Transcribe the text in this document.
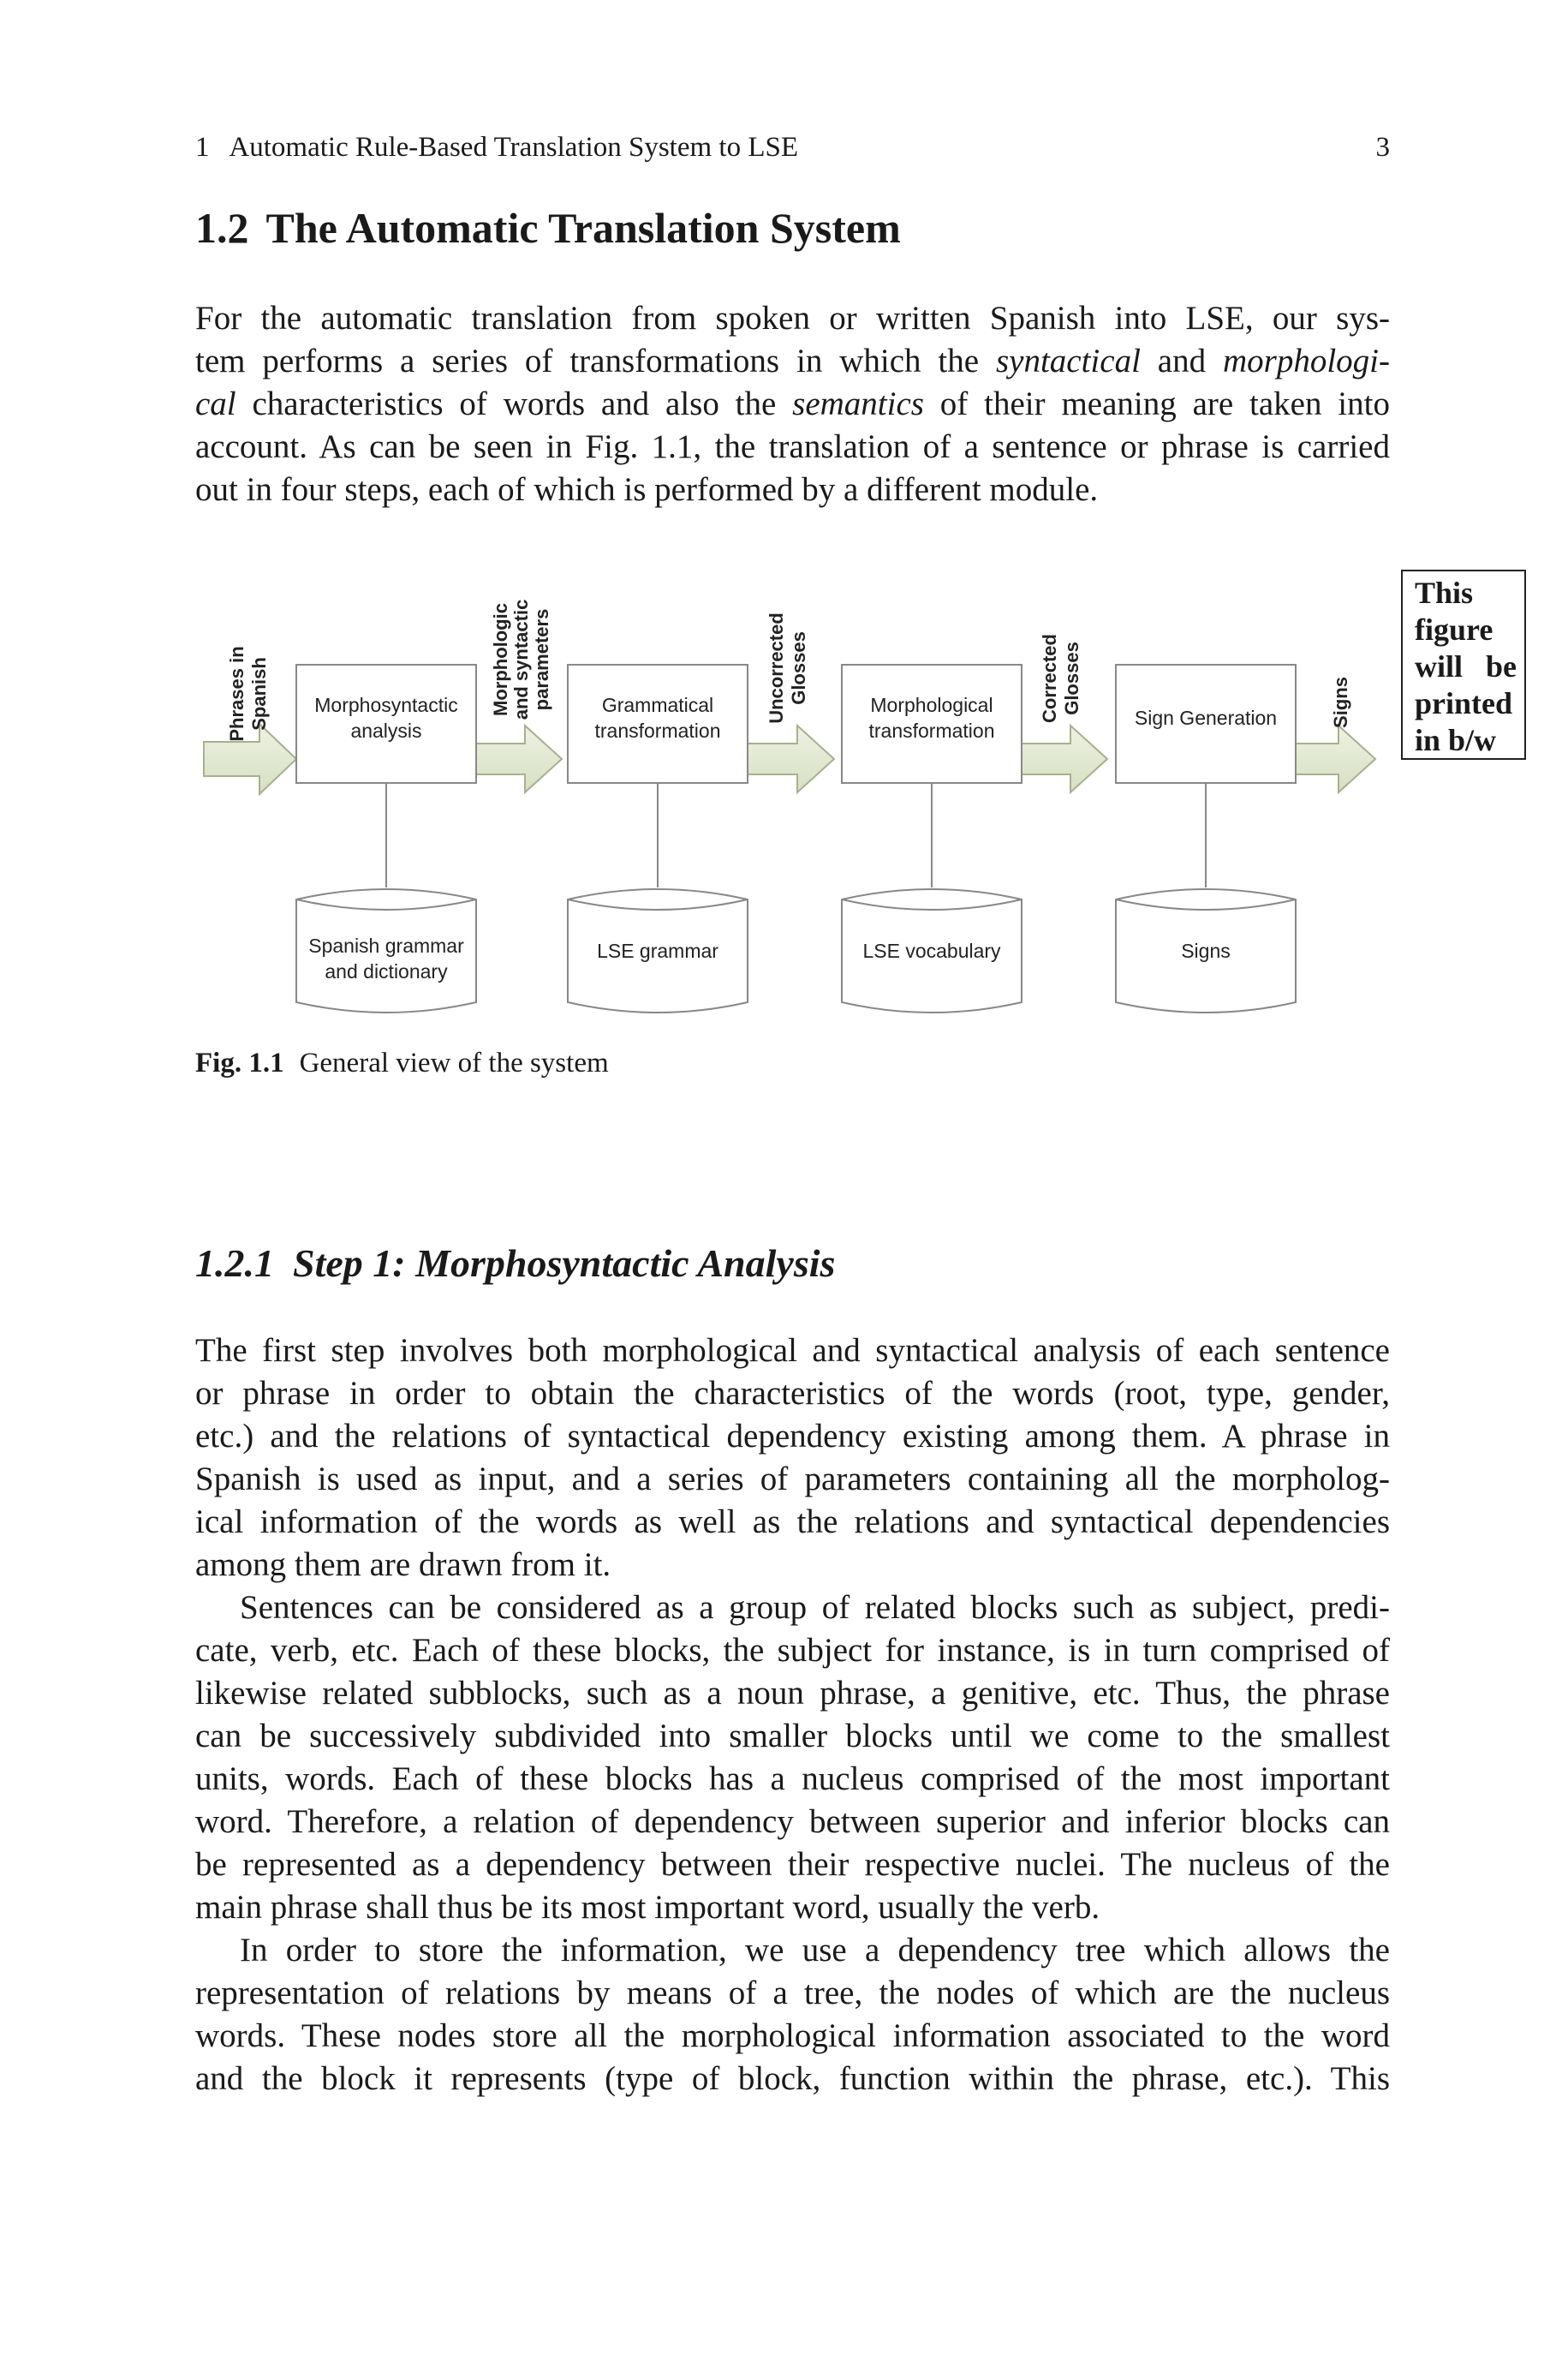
1   Automatic Rule-Based Translation System to LSE	3
1.2 The Automatic Translation System
For the automatic translation from spoken or written Spanish into LSE, our sys-
tem performs a series of transformations in which the syntactical and morphologi-
cal characteristics of words and also the semantics of their meaning are taken into
account. As can be seen in Fig. 1.1, the translation of a sentence or phrase is carried
out in four steps, each of which is performed by a different module.
Morphosyntactic
analysis
Grammatical
transformation
Morphological
transformation
Sign Generation
Spanish grammar
and dictionary
LSE grammar	LSE vocabulary	Signs
Phrases in Spanish	Morphologic and syntactic parameters	Uncorrected Glosses	Corrected Glosses	Signs
This
figure
will   be
printed
in b/w
Fig. 1.1 General view of the system
1.2.1 Step 1: Morphosyntactic Analysis
The first step involves both morphological and syntactical analysis of each sentence
or phrase in order to obtain the characteristics of the words (root, type, gender,
etc.) and the relations of syntactical dependency existing among them. A phrase in
Spanish is used as input, and a series of parameters containing all the morpholog-
ical information of the words as well as the relations and syntactical dependencies
among them are drawn from it.
Sentences can be considered as a group of related blocks such as subject, predi-
cate, verb, etc. Each of these blocks, the subject for instance, is in turn comprised of
likewise related subblocks, such as a noun phrase, a genitive, etc. Thus, the phrase
can be successively subdivided into smaller blocks until we come to the smallest
units, words. Each of these blocks has a nucleus comprised of the most important
word. Therefore, a relation of dependency between superior and inferior blocks can
be represented as a dependency between their respective nuclei. The nucleus of the
main phrase shall thus be its most important word, usually the verb.
In order to store the information, we use a dependency tree which allows the
representation of relations by means of a tree, the nodes of which are the nucleus
words. These nodes store all the morphological information associated to the word
and the block it represents (type of block, function within the phrase, etc.). This
